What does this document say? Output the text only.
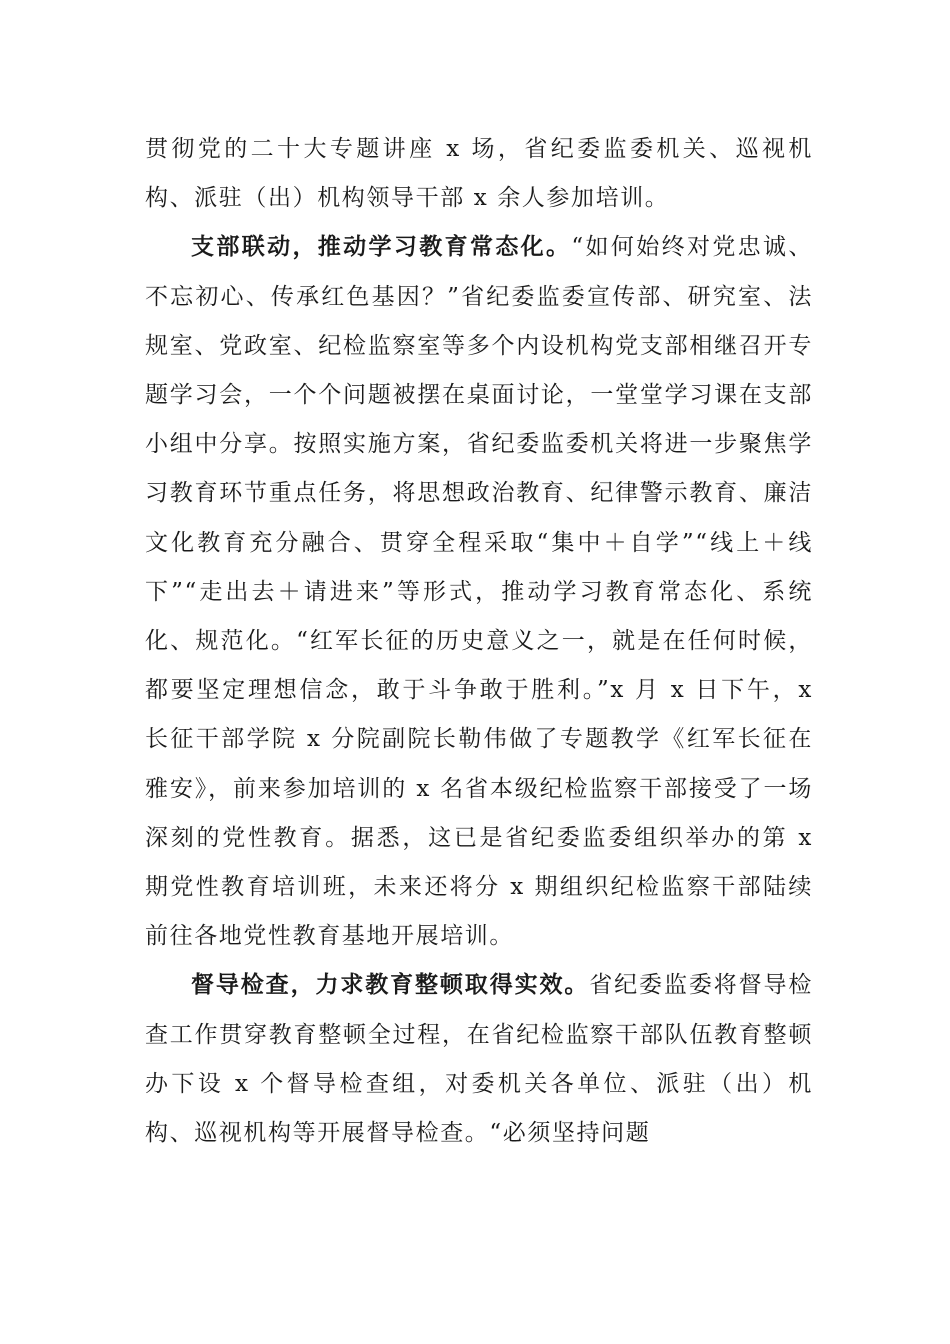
贯彻党的二十大专题讲座 x 场，省纪委监委机关、巡视机构、派驻（出）机构领导干部 x 余人参加培训。

支部联动，推动学习教育常态化。“如何始终对党忠诚、不忘初心、传承红色基因？”省纪委监委宣传部、研究室、法规室、党政室、纪检监察室等多个内设机构党支部相继召开专题学习会，一个个问题被摆在桌面讨论，一堂堂学习课在支部小组中分享。按照实施方案，省纪委监委机关将进一步聚焦学习教育环节重点任务，将思想政治教育、纪律警示教育、廉洁文化教育充分融合、贯穿全程采取“集中＋自学”“线上＋线下”“走出去＋请进来”等形式，推动学习教育常态化、系统化、规范化。“红军长征的历史意义之一，就是在任何时候，都要坚定理想信念，敢于斗争敢于胜利。”x 月 x 日下午，x 长征干部学院 x 分院副院长勒伟做了专题教学《红军长征在雅安》，前来参加培训的 x 名省本级纪检监察干部接受了一场深刻的党性教育。据悉，这已是省纪委监委组织举办的第 x 期党性教育培训班，未来还将分 x 期组织纪检监察干部陆续前往各地党性教育基地开展培训。

督导检查，力求教育整顿取得实效。省纪委监委将督导检查工作贯穿教育整顿全过程，在省纪检监察干部队伍教育整顿办下设 x 个督导检查组，对委机关各单位、派驻（出）机构、巡视机构等开展督导检查。“必须坚持问题
